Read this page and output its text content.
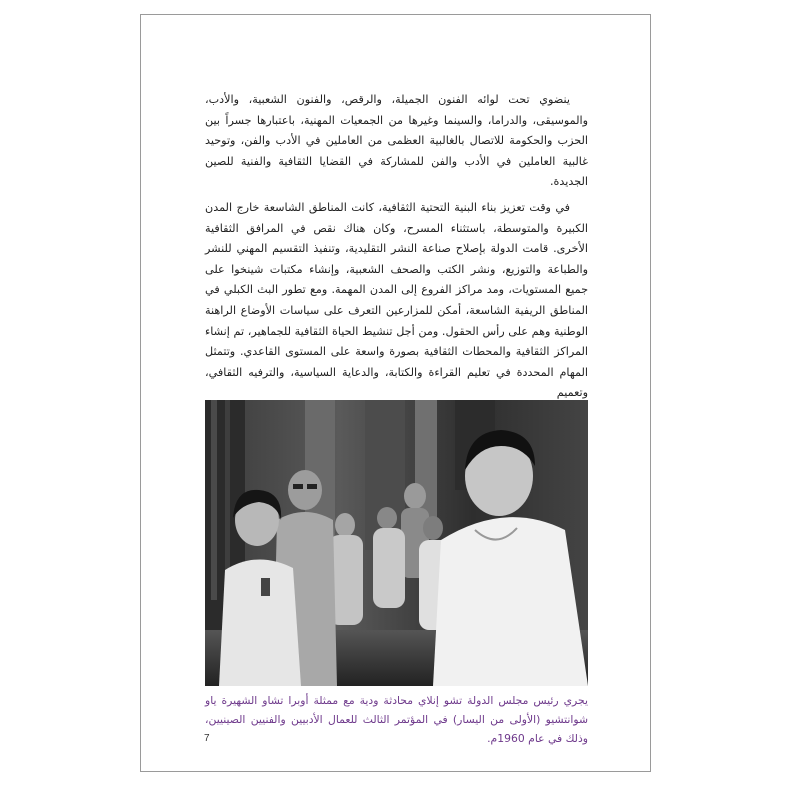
ينضوي تحت لوائه الفنون الجميلة، والرقص، والفنون الشعبية، والأدب، والموسيقى، والدراما، والسينما وغيرها من الجمعيات المهنية، باعتبارها جسراً بين الحزب والحكومة للاتصال بالغالبية العظمى من العاملين في الأدب والفن، وتوحيد غالبية العاملين في الأدب والفن للمشاركة في القضايا الثقافية والفنية للصين الجديدة.

في وقت تعزيز بناء البنية التحتية الثقافية، كانت المناطق الشاسعة خارج المدن الكبيرة والمتوسطة، باستثناء المسرح، وكان هناك نقص في المرافق الثقافية الأخرى. قامت الدولة بإصلاح صناعة النشر التقليدية، وتنفيذ التقسيم المهني للنشر والطباعة والتوزيع، ونشر الكتب والصحف الشعبية، وإنشاء مكتبات شينخوا على جميع المستويات، ومد مراكز الفروع إلى المدن المهمة. ومع تطور البث الكبلي في المناطق الريفية الشاسعة، أمكن للمزارعين التعرف على سياسات الأوضاع الراهنة الوطنية وهم على رأس الحقول. ومن أجل تنشيط الحياة الثقافية للجماهير، تم إنشاء المراكز الثقافية والمحطات الثقافية بصورة واسعة على المستوى القاعدي. وتتمثل المهام المحددة في تعليم القراءة والكتابة، والدعاية السياسية، والترفيه الثقافي، وتعميم

يجري رئيس مجلس الدولة تشو إنلاي محادثة ودية مع ممثلة أوبرا تشاو الشهيرة ياو شوانتشيو (الأولى من اليسار) في المؤتمر الثالث للعمال الأدبيين والفنيين الصينيين، وذلك في عام 1960م.
7
